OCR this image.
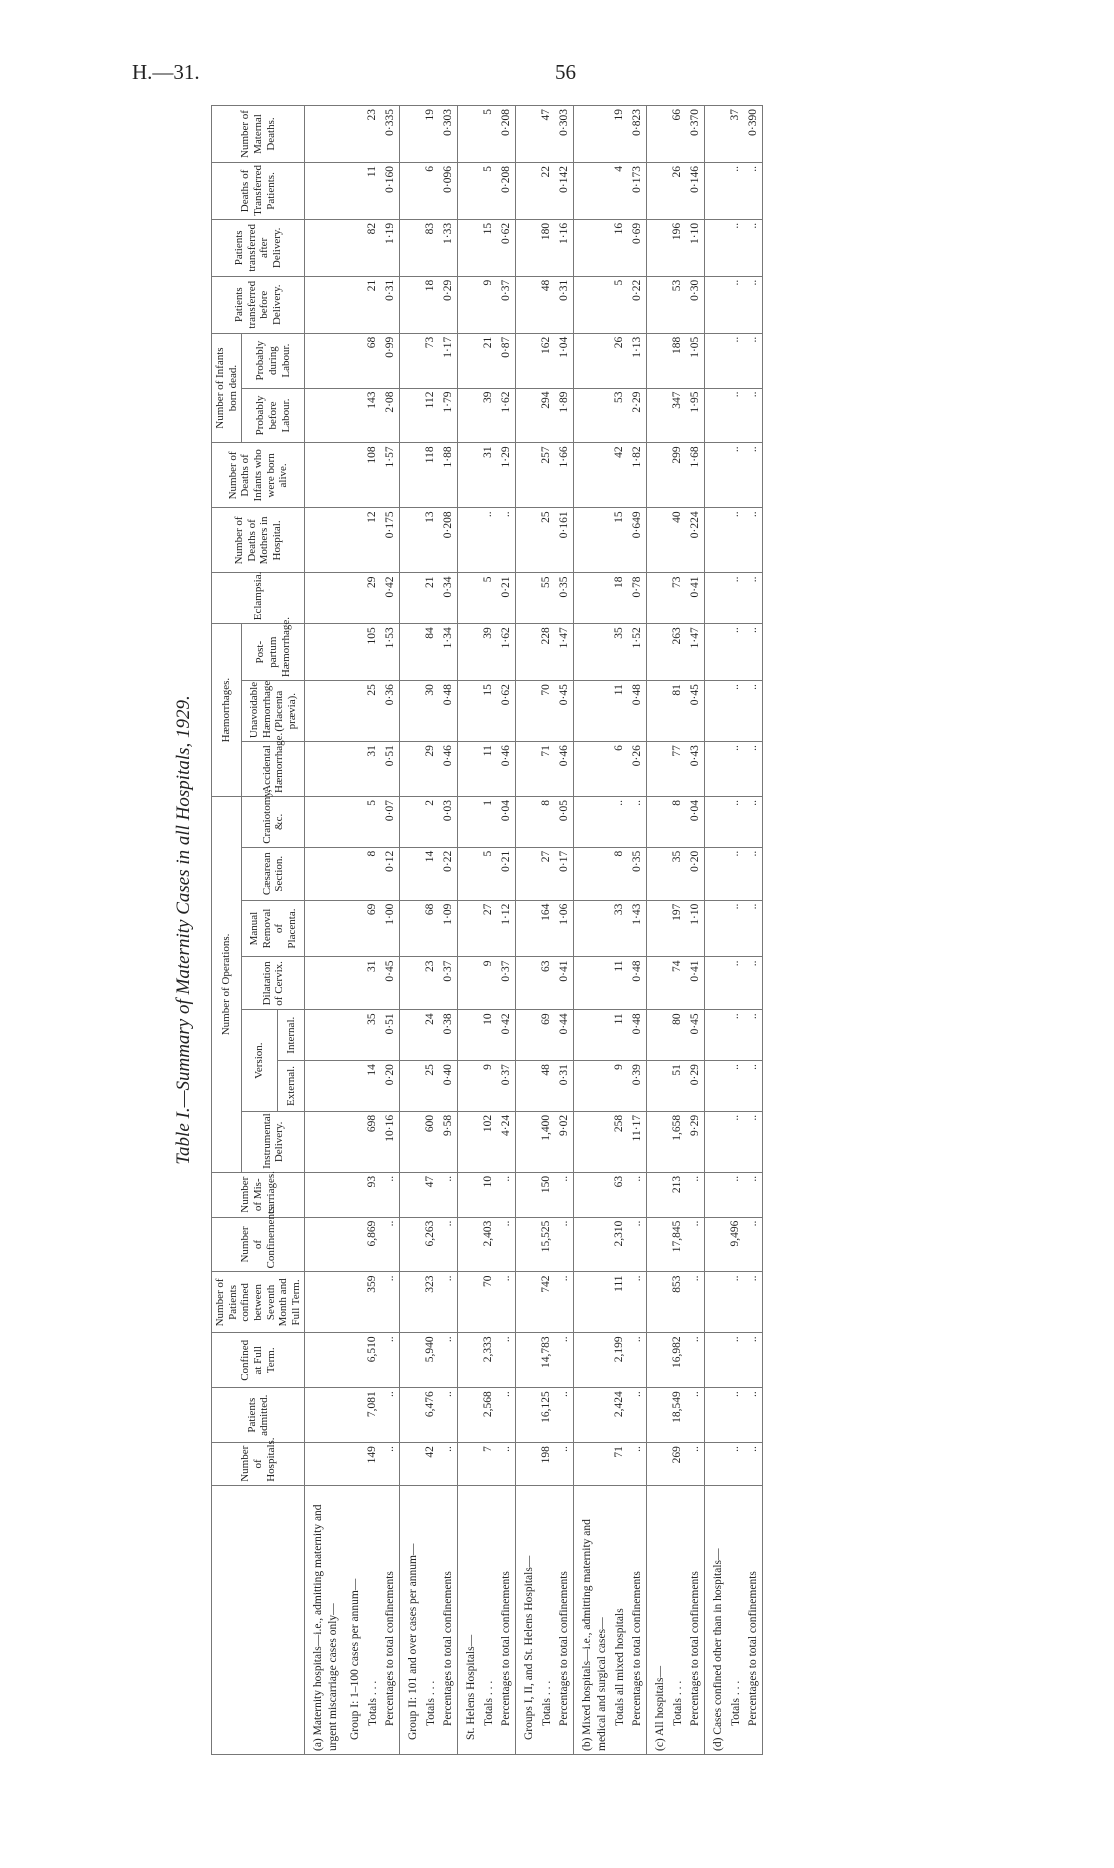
H.—31.	56
Table I.—Summary of Maternity Cases in all Hospitals, 1929.
	Number of Hospitals.	Patients admitted.	Confined at Full Term.	Number of Patients confined between Seventh Month and Full Term.	Number of Confinements	Number of Mis-carriages.	Number of Operations.							Hæmorrhages.			Eclampsia.	Number of Deaths of Mothers in Hospital.	Number of Deaths of Infants who were born alive.	Number of Infants born dead.		Patients transferred before Delivery.	Patients transferred after Delivery.	Deaths of Transferred Patients.	Number of Maternal Deaths.
							Instrumental Delivery.	Version.		Dilatation of Cervix.	Manual Removal of Placenta.	Cæsarean Section.	Craniotomy, &c.	Accidental Hæmorrhage.	Unavoidable Hæmorrhage (Placenta prævia).	Post-partum Hæmorrhage.				Probably before Labour.	Probably during Labour.				
								External.	Internal.																
(a) Maternity hospitals—i.e., admitting maternity and urgent miscarriage cases only—																									
Group I: 1–100 cases per annum—																									
Totals . . .	149	7,081	6,510	359	6,869	93	698	14	35	31	69	8	5	31	25	105	29	12	108	143	68	21	82	11	23
Percentages to total confinements	..	..	..	..	..	..	10·16	0·20	0·51	0·45	1·00	0·12	0·07	0·51	0·36	1·53	0·42	0·175	1·57	2·08	0·99	0·31	1·19	0·160	0·335
Group II: 101 and over cases per annum—																									
Totals . . .	42	6,476	5,940	323	6,263	47	600	25	24	23	68	14	2	29	30	84	21	13	118	112	73	18	83	6	19
Percentages to total confinements	..	..	..	..	..	..	9·58	0·40	0·38	0·37	1·09	0·22	0·03	0·46	0·48	1·34	0·34	0·208	1·88	1·79	1·17	0·29	1·33	0·096	0·303
St. Helens Hospitals—																									
Totals . . .	7	2,568	2,333	70	2,403	10	102	9	10	9	27	5	1	11	15	39	5	..	31	39	21	9	15	5	5
Percentages to total confinements	..	..	..	..	..	..	4·24	0·37	0·42	0·37	1·12	0·21	0·04	0·46	0·62	1·62	0·21	..	1·29	1·62	0·87	0·37	0·62	0·208	0·208
Groups I, II, and St. Helens Hospitals—																									
Totals . . .	198	16,125	14,783	742	15,525	150	1,400	48	69	63	164	27	8	71	70	228	55	25	257	294	162	48	180	22	47
Percentages to total confinements	..	..	..	..	..	..	9·02	0·31	0·44	0·41	1·06	0·17	0·05	0·46	0·45	1·47	0·35	0·161	1·66	1·89	1·04	0·31	1·16	0·142	0·303
(b) Mixed hospitals—i.e., admitting maternity and medical and surgical cases—																									
Totals all mixed hospitals	71	2,424	2,199	111	2,310	63	258	9	11	11	33	8	..	6	11	35	18	15	42	53	26	5	16	4	19
Percentages to total confinements	..	..	..	..	..	..	11·17	0·39	0·48	0·48	1·43	0·35	..	0·26	0·48	1·52	0·78	0·649	1·82	2·29	1·13	0·22	0·69	0·173	0·823
(c) All hospitals—																									
Totals . . .	269	18,549	16,982	853	17,845	213	1,658	51	80	74	197	35	8	77	81	263	73	40	299	347	188	53	196	26	66
Percentages to total confinements	..	..	..	..	..	..	9·29	0·29	0·45	0·41	1·10	0·20	0·04	0·43	0·45	1·47	0·41	0·224	1·68	1·95	1·05	0·30	1·10	0·146	0·370
(d) Cases confined other than in hospitals—																									
Totals . . .	..	..	..	..	9,496	..	..	..	..	..	..	..	..	..	..	..	..	..	..	..	..	..	..	..	37
Percentages to total confinements	..	..	..	..	..	..	..	..	..	..	..	..	..	..	..	..	..	..	..	..	..	..	..	..	0·390
